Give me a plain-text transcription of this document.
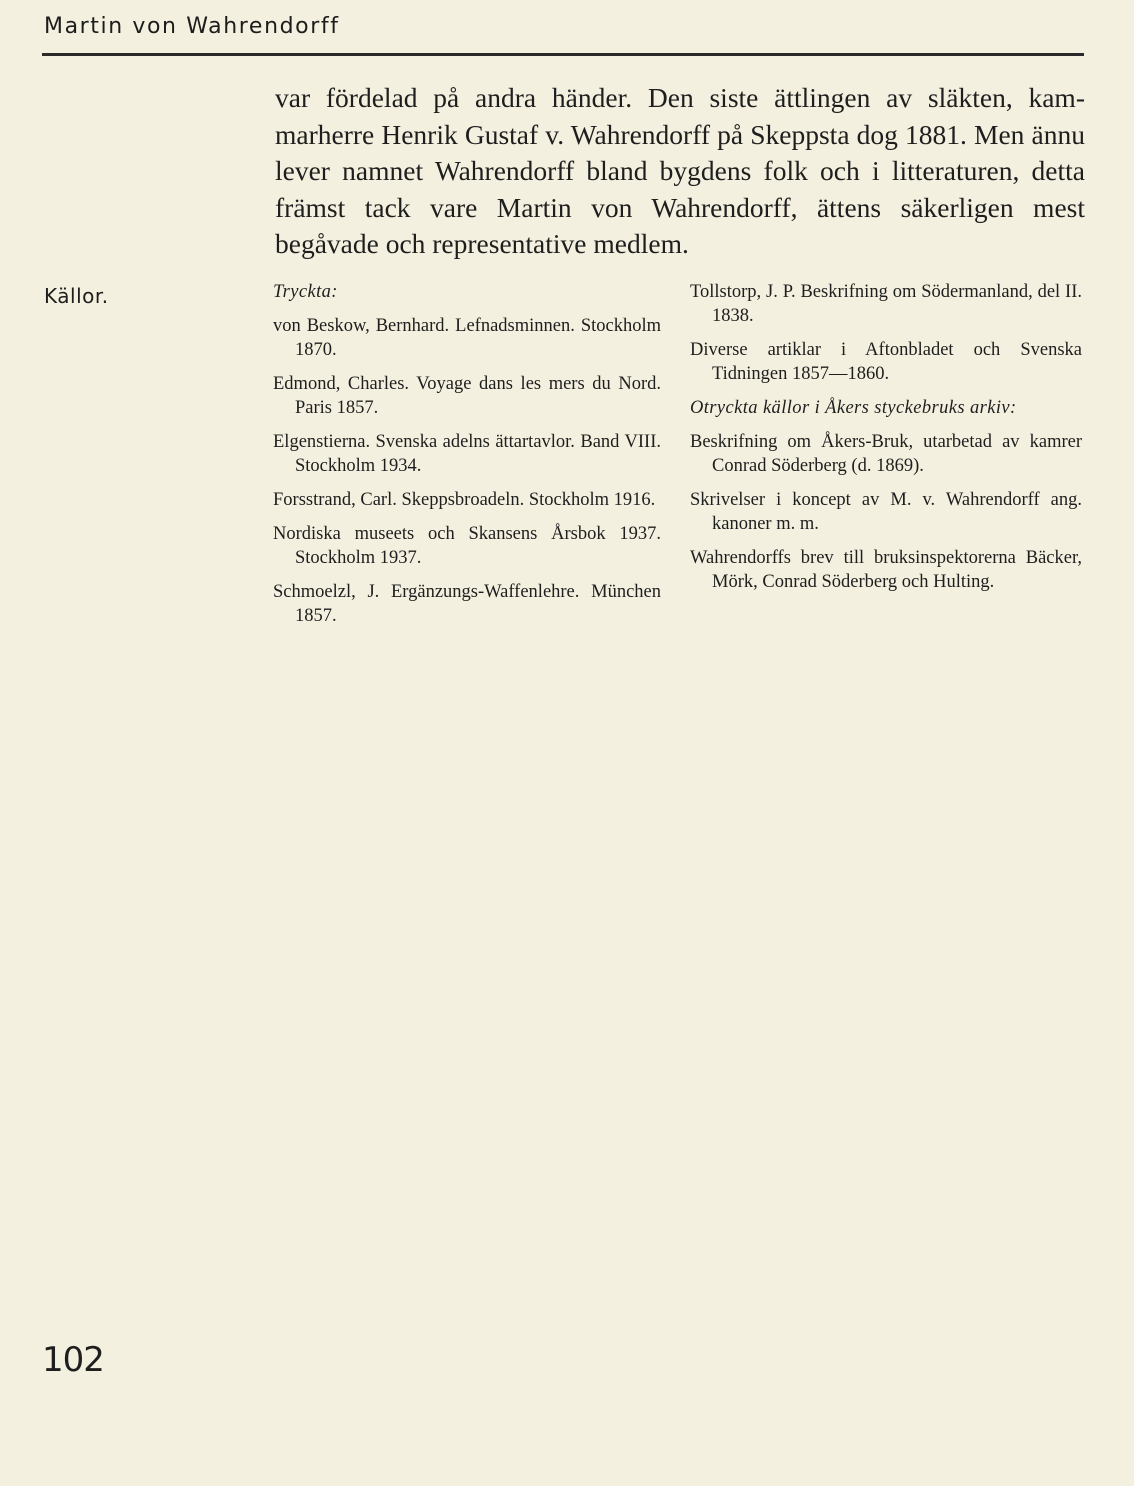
Martin von Wahrendorff

var fördelad på andra händer. Den siste ättlingen av släkten, kammarherre Henrik Gustaf v. Wahrendorff på Skeppsta dog 1881. Men ännu lever namnet Wahrendorff bland bygdens folk och i litteraturen, detta främst tack vare Martin von Wahrendorff, ättens säkerligen mest begåvade och representative medlem.

Källor.	Tryckta:
von Beskow, Bernhard. Lefnadsminnen. Stockholm 1870.
Edmond, Charles. Voyage dans les mers du Nord. Paris 1857.
Elgenstierna. Svenska adelns ättartavlor. Band VIII. Stockholm 1934.
Forsstrand, Carl. Skeppsbroadeln. Stockholm 1916.
Nordiska museets och Skansens Årsbok 1937. Stockholm 1937.
Schmoelzl, J. Ergänzungs-Waffenlehre. München 1857.
Tollstorp, J. P. Beskrifning om Södermanland, del II. 1838.
Diverse artiklar i Aftonbladet och Svenska Tidningen 1857—1860.
Otryckta källor i Åkers styckebruks arkiv:
Beskrifning om Åkers-Bruk, utarbetad av kamrer Conrad Söderberg (d. 1869).
Skrivelser i koncept av M. v. Wahrendorff ang. kanoner m. m.
Wahrendorffs brev till bruksinspektorerna Bäcker, Mörk, Conrad Söderberg och Hulting.
102
